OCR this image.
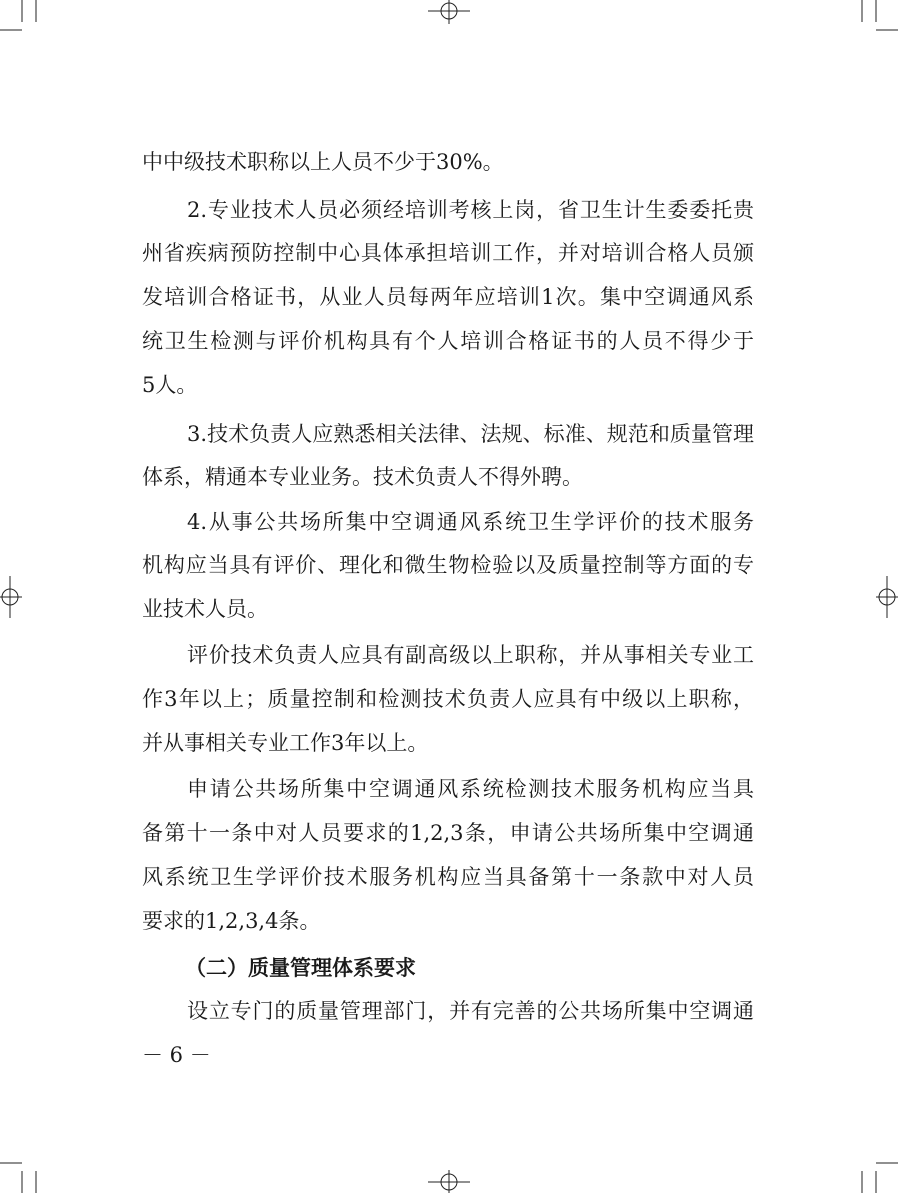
中中级技术职称以上人员不少于30%。
2.专业技术人员必须经培训考核上岗，省卫生计生委委托贵
州省疾病预防控制中心具体承担培训工作，并对培训合格人员颁
发培训合格证书，从业人员每两年应培训1次。集中空调通风系
统卫生检测与评价机构具有个人培训合格证书的人员不得少于
5人。
3.技术负责人应熟悉相关法律、法规、标准、规范和质量管理
体系，精通本专业业务。技术负责人不得外聘。
4.从事公共场所集中空调通风系统卫生学评价的技术服务
机构应当具有评价、理化和微生物检验以及质量控制等方面的专
业技术人员。
评价技术负责人应具有副高级以上职称，并从事相关专业工
作3年以上；质量控制和检测技术负责人应具有中级以上职称，
并从事相关专业工作3年以上。
申请公共场所集中空调通风系统检测技术服务机构应当具
备第十一条中对人员要求的1,2,3条，申请公共场所集中空调通
风系统卫生学评价技术服务机构应当具备第十一条款中对人员
要求的1,2,3,4条。
（二）质量管理体系要求
设立专门的质量管理部门，并有完善的公共场所集中空调通
－ 6 －
